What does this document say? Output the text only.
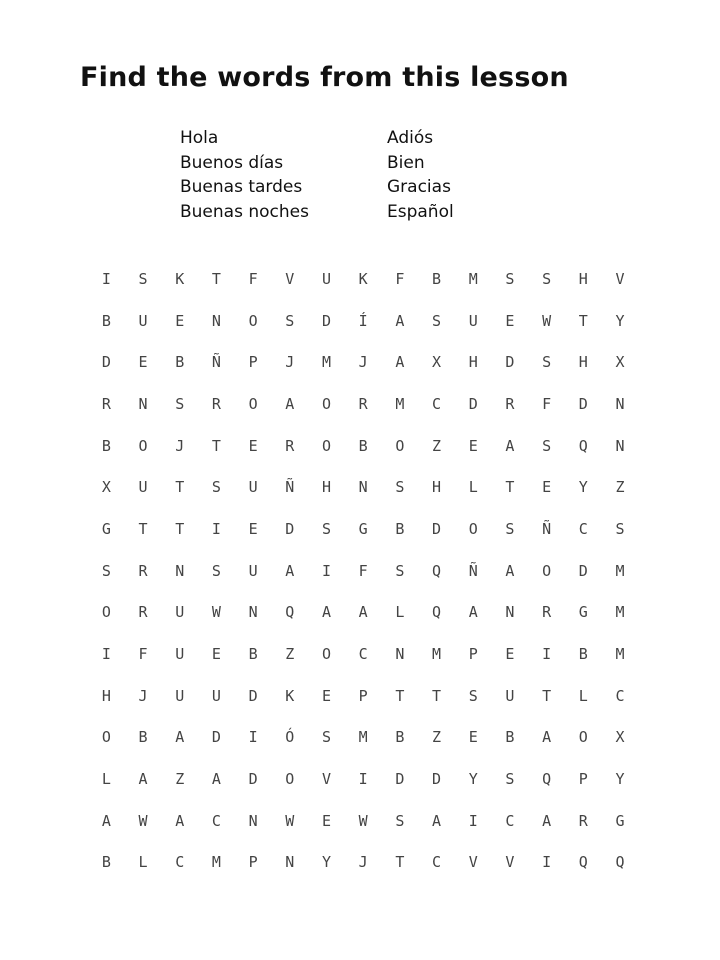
Find the words from this lesson
Hola	Adiós
Buenos días	Bien
Buenas tardes	Gracias
Buenas noches	Español
I	S	K	T	F	V	U	K	F	B	M	S	S	H	V
B	U	E	N	O	S	D	Í	A	S	U	E	W	T	Y
D	E	B	Ñ	P	J	M	J	A	X	H	D	S	H	X
R	N	S	R	O	A	O	R	M	C	D	R	F	D	N
B	O	J	T	E	R	O	B	O	Z	E	A	S	Q	N
X	U	T	S	U	Ñ	H	N	S	H	L	T	E	Y	Z
G	T	T	I	E	D	S	G	B	D	O	S	Ñ	C	S
S	R	N	S	U	A	I	F	S	Q	Ñ	A	O	D	M
O	R	U	W	N	Q	A	A	L	Q	A	N	R	G	M
I	F	U	E	B	Z	O	C	N	M	P	E	I	B	M
H	J	U	U	D	K	E	P	T	T	S	U	T	L	C
O	B	A	D	I	Ó	S	M	B	Z	E	B	A	O	X
L	A	Z	A	D	O	V	I	D	D	Y	S	Q	P	Y
A	W	A	C	N	W	E	W	S	A	I	C	A	R	G
B	L	C	M	P	N	Y	J	T	C	V	V	I	Q	Q
